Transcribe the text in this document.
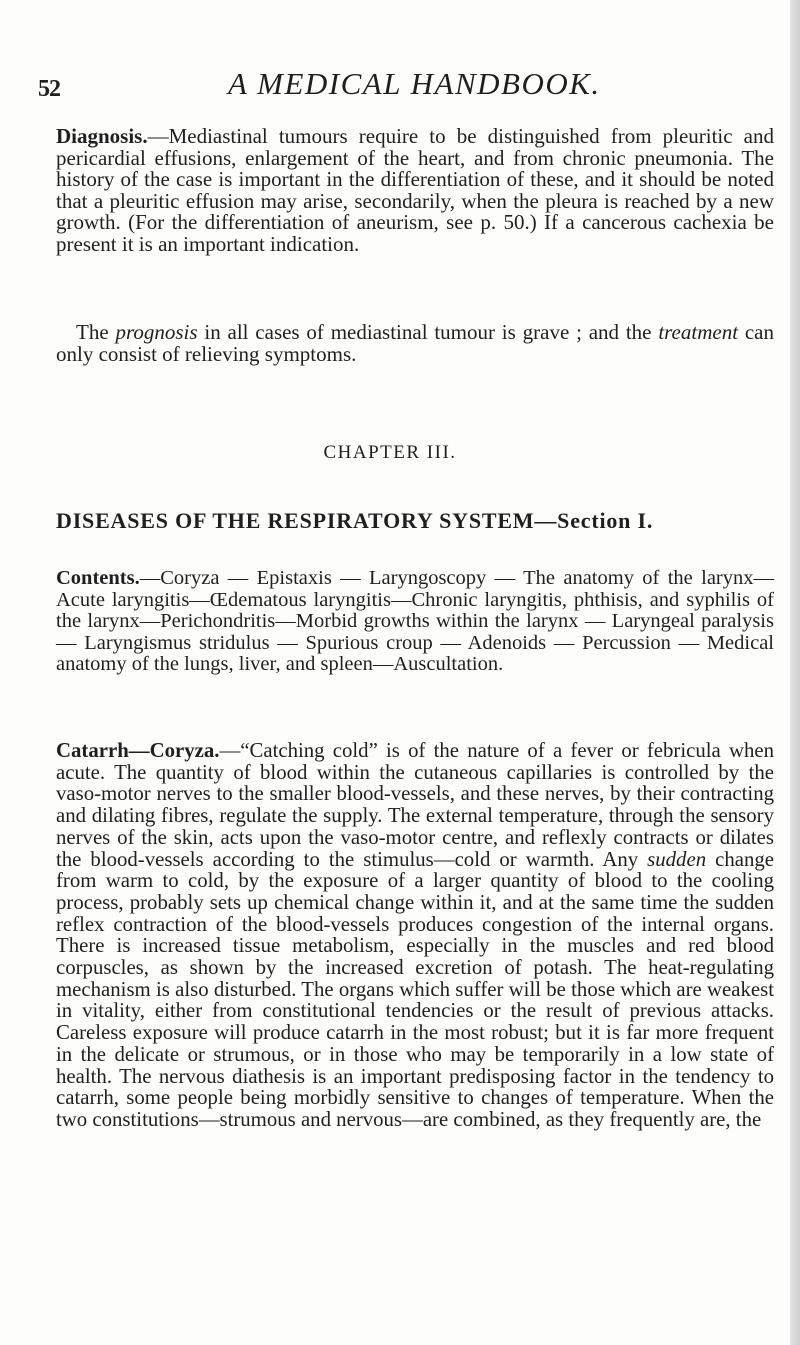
52	A MEDICAL HANDBOOK.

Diagnosis.—Mediastinal tumours require to be distinguished from pleuritic and pericardial effusions, enlargement of the heart, and from chronic pneumonia. The history of the case is important in the differentiation of these, and it should be noted that a pleuritic effusion may arise, secondarily, when the pleura is reached by a new growth. (For the differentiation of aneurism, see p. 50.) If a cancerous cachexia be present it is an important indication.

The prognosis in all cases of mediastinal tumour is grave ; and the treatment can only consist of relieving symptoms.

CHAPTER III.
DISEASES OF THE RESPIRATORY SYSTEM—Section I.

Contents.—Coryza — Epistaxis — Laryngoscopy — The anatomy of the larynx—Acute laryngitis—Œdematous laryngitis—Chronic laryngitis, phthisis, and syphilis of the larynx—Perichondritis—Morbid growths within the larynx — Laryngeal paralysis — Laryngismus stridulus — Spurious croup — Adenoids — Percussion — Medical anatomy of the lungs, liver, and spleen—Auscultation.

Catarrh—Coryza.—“Catching cold” is of the nature of a fever or febricula when acute. The quantity of blood within the cutaneous capillaries is controlled by the vaso-motor nerves to the smaller blood-vessels, and these nerves, by their contracting and dilating fibres, regulate the supply. The external temperature, through the sensory nerves of the skin, acts upon the vaso-motor centre, and reflexly contracts or dilates the blood-vessels according to the stimulus—cold or warmth. Any sudden change from warm to cold, by the exposure of a larger quantity of blood to the cooling process, probably sets up chemical change within it, and at the same time the sudden reflex contraction of the blood-vessels produces congestion of the internal organs. There is increased tissue metabolism, especially in the muscles and red blood corpuscles, as shown by the increased excretion of potash. The heat-regulating mechanism is also disturbed. The organs which suffer will be those which are weakest in vitality, either from constitutional tendencies or the result of previous attacks. Careless exposure will produce catarrh in the most robust; but it is far more frequent in the delicate or strumous, or in those who may be temporarily in a low state of health. The nervous diathesis is an important predisposing factor in the tendency to catarrh, some people being morbidly sensitive to changes of temperature. When the two constitutions—strumous and nervous—are combined, as they frequently are, the
